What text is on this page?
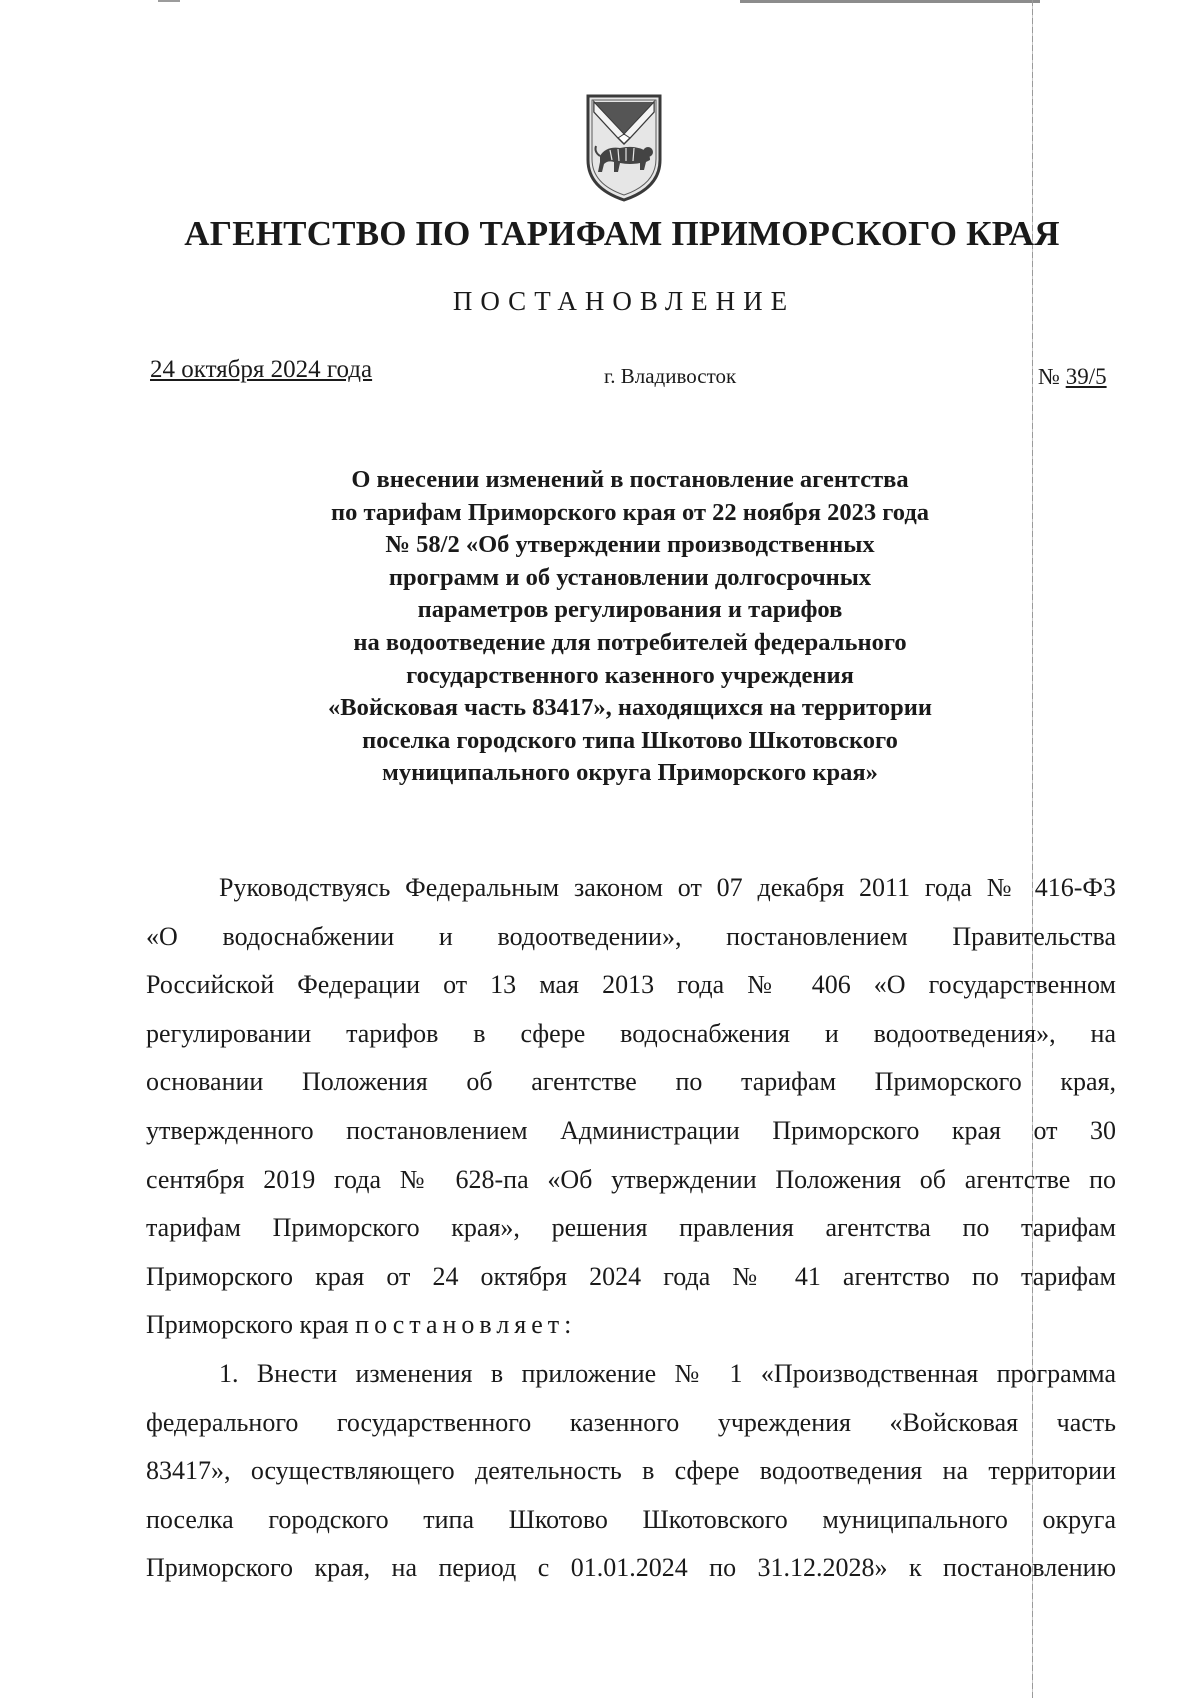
АГЕНТСТВО ПО ТАРИФАМ ПРИМОРСКОГО КРАЯ
ПОСТАНОВЛЕНИЕ
24 октября 2024 года	г. Владивосток	№ 39/5
О внесении изменений в постановление агентства
по тарифам Приморского края от 22 ноября 2023 года
№ 58/2 «Об утверждении производственных
программ и об установлении долгосрочных
параметров регулирования и тарифов
на водоотведение для потребителей федерального
государственного казенного учреждения
«Войсковая часть 83417», находящихся на территории
поселка городского типа Шкотово Шкотовского
муниципального округа Приморского края»
Руководствуясь Федеральным законом от 07 декабря 2011 года № 416-ФЗ
«О водоснабжении и водоотведении», постановлением Правительства
Российской Федерации от 13 мая 2013 года № 406 «О государственном
регулировании тарифов в сфере водоснабжения и водоотведения», на
основании Положения об агентстве по тарифам Приморского края,
утвержденного постановлением Администрации Приморского края от 30
сентября 2019 года № 628-па «Об утверждении Положения об агентстве по
тарифам Приморского края», решения правления агентства по тарифам
Приморского края от 24 октября 2024 года № 41 агентство по тарифам
Приморского края постановляет:
1. Внести изменения в приложение № 1 «Производственная программа
федерального государственного казенного учреждения «Войсковая часть
83417», осуществляющего деятельность в сфере водоотведения на территории
поселка городского типа Шкотово Шкотовского муниципального округа
Приморского края, на период с 01.01.2024 по 31.12.2028» к постановлению
